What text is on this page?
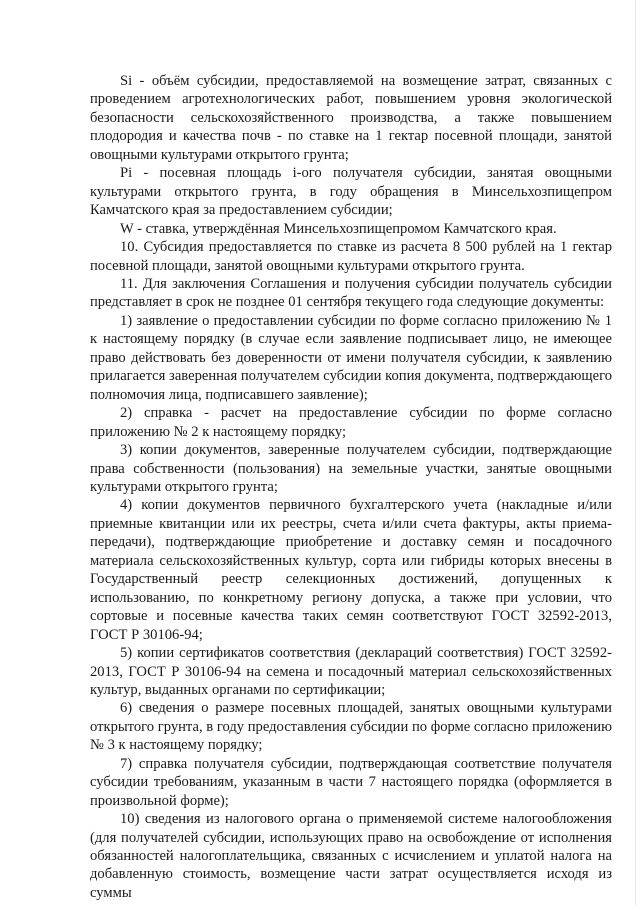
Si - объём субсидии, предоставляемой на возмещение затрат, связанных с проведением агротехнологических работ, повышением уровня экологической безопасности сельскохозяйственного производства, а также повышением плодородия и качества почв - по ставке на 1 гектар посевной площади, занятой овощными культурами открытого грунта;

Pi - посевная площадь i-ого получателя субсидии, занятая овощными культурами открытого грунта, в году обращения в Минсельхозпищепром Камчатского края за предоставлением субсидии;

W - ставка, утверждённая Минсельхозпищепромом Камчатского края.

10. Субсидия предоставляется по ставке из расчета 8 500 рублей на 1 гектар посевной площади, занятой овощными культурами открытого грунта.

11. Для заключения Соглашения и получения субсидии получатель субсидии представляет в срок не позднее 01 сентября текущего года следующие документы:

1) заявление о предоставлении субсидии по форме согласно приложению № 1 к настоящему порядку (в случае если заявление подписывает лицо, не имеющее право действовать без доверенности от имени получателя субсидии, к заявлению прилагается заверенная получателем субсидии копия документа, подтверждающего полномочия лица, подписавшего заявление);

2) справка - расчет на предоставление субсидии по форме согласно приложению № 2 к настоящему порядку;

3) копии документов, заверенные получателем субсидии, подтверждающие права собственности (пользования) на земельные участки, занятые овощными культурами открытого грунта;

4) копии документов первичного бухгалтерского учета (накладные и/или приемные квитанции или их реестры, счета и/или счета фактуры, акты приема-передачи), подтверждающие приобретение и доставку семян и посадочного материала сельскохозяйственных культур, сорта или гибриды которых внесены в Государственный реестр селекционных достижений, допущенных к использованию, по конкретному региону допуска, а также при условии, что сортовые и посевные качества таких семян соответствуют ГОСТ 32592-2013, ГОСТ Р 30106-94;

5) копии сертификатов соответствия (деклараций соответствия) ГОСТ 32592-2013, ГОСТ Р 30106-94 на семена и посадочный материал сельскохозяйственных культур, выданных органами по сертификации;

6) сведения о размере посевных площадей, занятых овощными культурами открытого грунта, в году предоставления субсидии по форме согласно приложению № 3 к настоящему порядку;

7) справка получателя субсидии, подтверждающая соответствие получателя субсидии требованиям, указанным в части 7 настоящего порядка (оформляется в произвольной форме);

10) сведения из налогового органа о применяемой системе налогообложения (для получателей субсидии, использующих право на освобождение от исполнения обязанностей налогоплательщика, связанных с исчислением и уплатой налога на добавленную стоимость, возмещение части затрат осуществляется исходя из суммы
